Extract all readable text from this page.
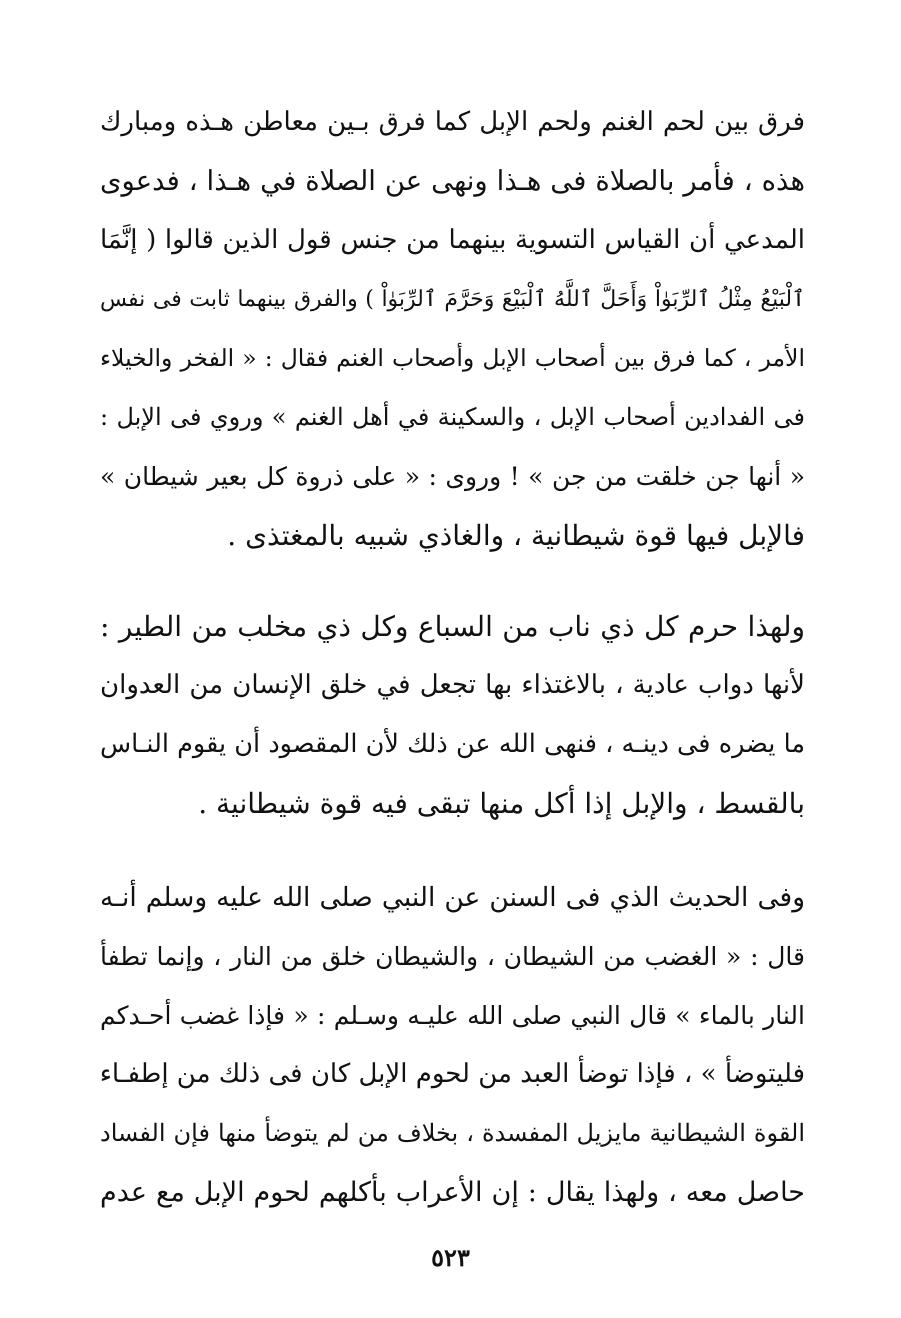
فرق بين لحم الغنم ولحم الإبل كما فرق بـين معاطن هـذه ومبارك
هذه ، فأمر بالصلاة فى هـذا ونهى عن الصلاة في هـذا ، فدعوى
المدعي أن القياس التسوية بينهما من جنس قول الذين قالوا ( إنَّمَا
ٱلْبَيْعُ مِثْلُ ٱلرِّبَوٰاْ وَأَحَلَّ ٱللَّهُ ٱلْبَيْعَ وَحَرَّمَ ٱلرِّبَوٰاْ ) والفرق بينهما ثابت فى نفس
الأمر ، كما فرق بين أصحاب الإبل وأصحاب الغنم فقال : « الفخر والخيلاء
فى الفدادين أصحاب الإبل ، والسكينة في أهل الغنم » وروي فى الإبل :
« أنها جن خلقت من جن » ! وروى : « على ذروة كل بعير شيطان »
فالإبل فيها قوة شيطانية ، والغاذي شبيه بالمغتذى .
ولهذا حرم كل ذي ناب من السباع وكل ذي مخلب من الطير :
لأنها دواب عادية ، بالاغتذاء بها تجعل في خلق الإنسان من العدوان
ما يضره فى دينـه ، فنهى الله عن ذلك لأن المقصود أن يقوم النـاس
بالقسط ، والإبل إذا أكل منها تبقى فيه قوة شيطانية .
وفى الحديث الذي فى السنن عن النبي صلى الله عليه وسلم أنـه
قال : « الغضب من الشيطان ، والشيطان خلق من النار ، وإنما تطفأ
النار بالماء » قال النبي صلى الله عليـه وسـلم : « فإذا غضب أحـدكم
فليتوضأ » ، فإذا توضأ العبد من لحوم الإبل كان فى ذلك من إطفـاء
القوة الشيطانية مايزيل المفسدة ، بخلاف من لم يتوضأ منها فإن الفساد
حاصل معه ، ولهذا يقال : إن الأعراب بأكلهم لحوم الإبل مع عدم
٥٢٣
